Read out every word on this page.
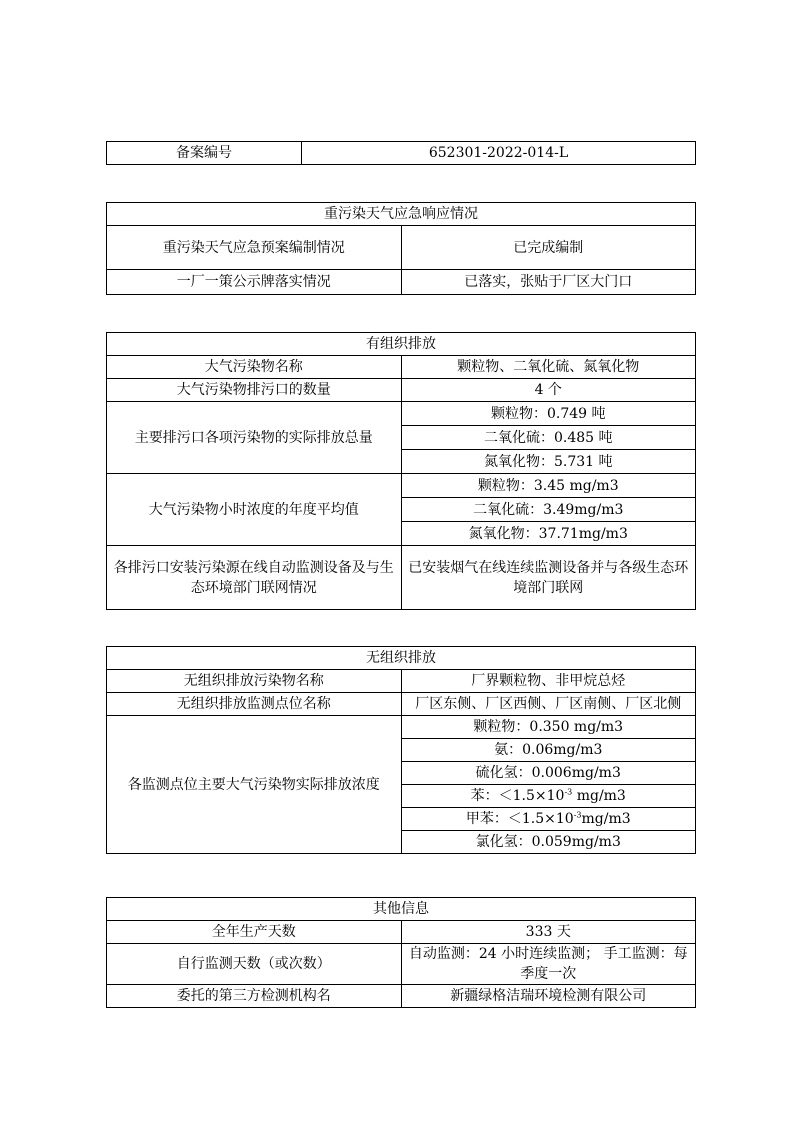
备案编号	652301-2022-014-L
重污染天气应急响应情况	
重污染天气应急预案编制情况	已完成编制
一厂一策公示牌落实情况	已落实，张贴于厂区大门口
有组织排放	
大气污染物名称	颗粒物、二氧化硫、氮氧化物
大气污染物排污口的数量	4 个
主要排污口各项污染物的实际排放总量	颗粒物：0.749 吨
	二氧化硫：0.485 吨
	氮氧化物：5.731 吨
大气污染物小时浓度的年度平均值	颗粒物：3.45 mg/m3
	二氧化硫：3.49mg/m3
	氮氧化物：37.71mg/m3
各排污口安装污染源在线自动监测设备及与生态环境部门联网情况	已安装烟气在线连续监测设备并与各级生态环境部门联网
无组织排放	
无组织排放污染物名称	厂界颗粒物、非甲烷总烃
无组织排放监测点位名称	厂区东侧、厂区西侧、厂区南侧、厂区北侧
各监测点位主要大气污染物实际排放浓度	颗粒物：0.350 mg/m3
	氨：0.06mg/m3
	硫化氢：0.006mg/m3
	苯：$<1.5\times 10^{-3}$ mg/m3
	甲苯：$<1.5\times 10^{-3}mg/m3$
	氯化氢：0.059mg/m3
其他信息	
全年生产天数	333 天
自行监测天数（或次数）	自动监测：24 小时连续监测； 手工监测：每季度一次
委托的第三方检测机构名	新疆绿格洁瑞环境检测有限公司
